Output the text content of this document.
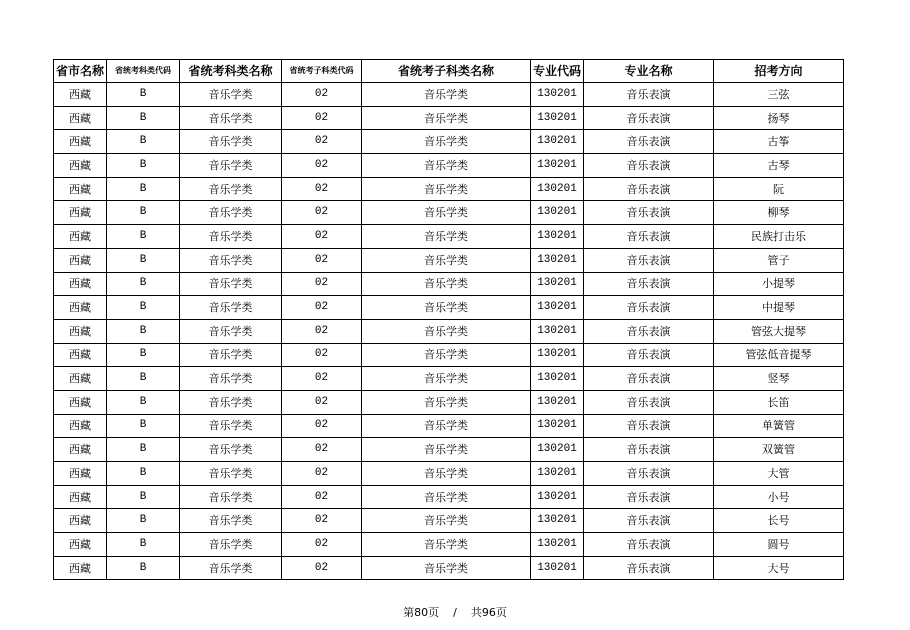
省市名称	省统考科类代码	省统考科类名称	省统考子科类代码	省统考子科类名称	专业代码	专业名称	招考方向
西藏	B	音乐学类	02	音乐学类	130201	音乐表演	三弦
西藏	B	音乐学类	02	音乐学类	130201	音乐表演	扬琴
西藏	B	音乐学类	02	音乐学类	130201	音乐表演	古筝
西藏	B	音乐学类	02	音乐学类	130201	音乐表演	古琴
西藏	B	音乐学类	02	音乐学类	130201	音乐表演	阮
西藏	B	音乐学类	02	音乐学类	130201	音乐表演	柳琴
西藏	B	音乐学类	02	音乐学类	130201	音乐表演	民族打击乐
西藏	B	音乐学类	02	音乐学类	130201	音乐表演	管子
西藏	B	音乐学类	02	音乐学类	130201	音乐表演	小提琴
西藏	B	音乐学类	02	音乐学类	130201	音乐表演	中提琴
西藏	B	音乐学类	02	音乐学类	130201	音乐表演	管弦大提琴
西藏	B	音乐学类	02	音乐学类	130201	音乐表演	管弦低音提琴
西藏	B	音乐学类	02	音乐学类	130201	音乐表演	竖琴
西藏	B	音乐学类	02	音乐学类	130201	音乐表演	长笛
西藏	B	音乐学类	02	音乐学类	130201	音乐表演	单簧管
西藏	B	音乐学类	02	音乐学类	130201	音乐表演	双簧管
西藏	B	音乐学类	02	音乐学类	130201	音乐表演	大管
西藏	B	音乐学类	02	音乐学类	130201	音乐表演	小号
西藏	B	音乐学类	02	音乐学类	130201	音乐表演	长号
西藏	B	音乐学类	02	音乐学类	130201	音乐表演	圆号
西藏	B	音乐学类	02	音乐学类	130201	音乐表演	大号
第80页 / 共96页
